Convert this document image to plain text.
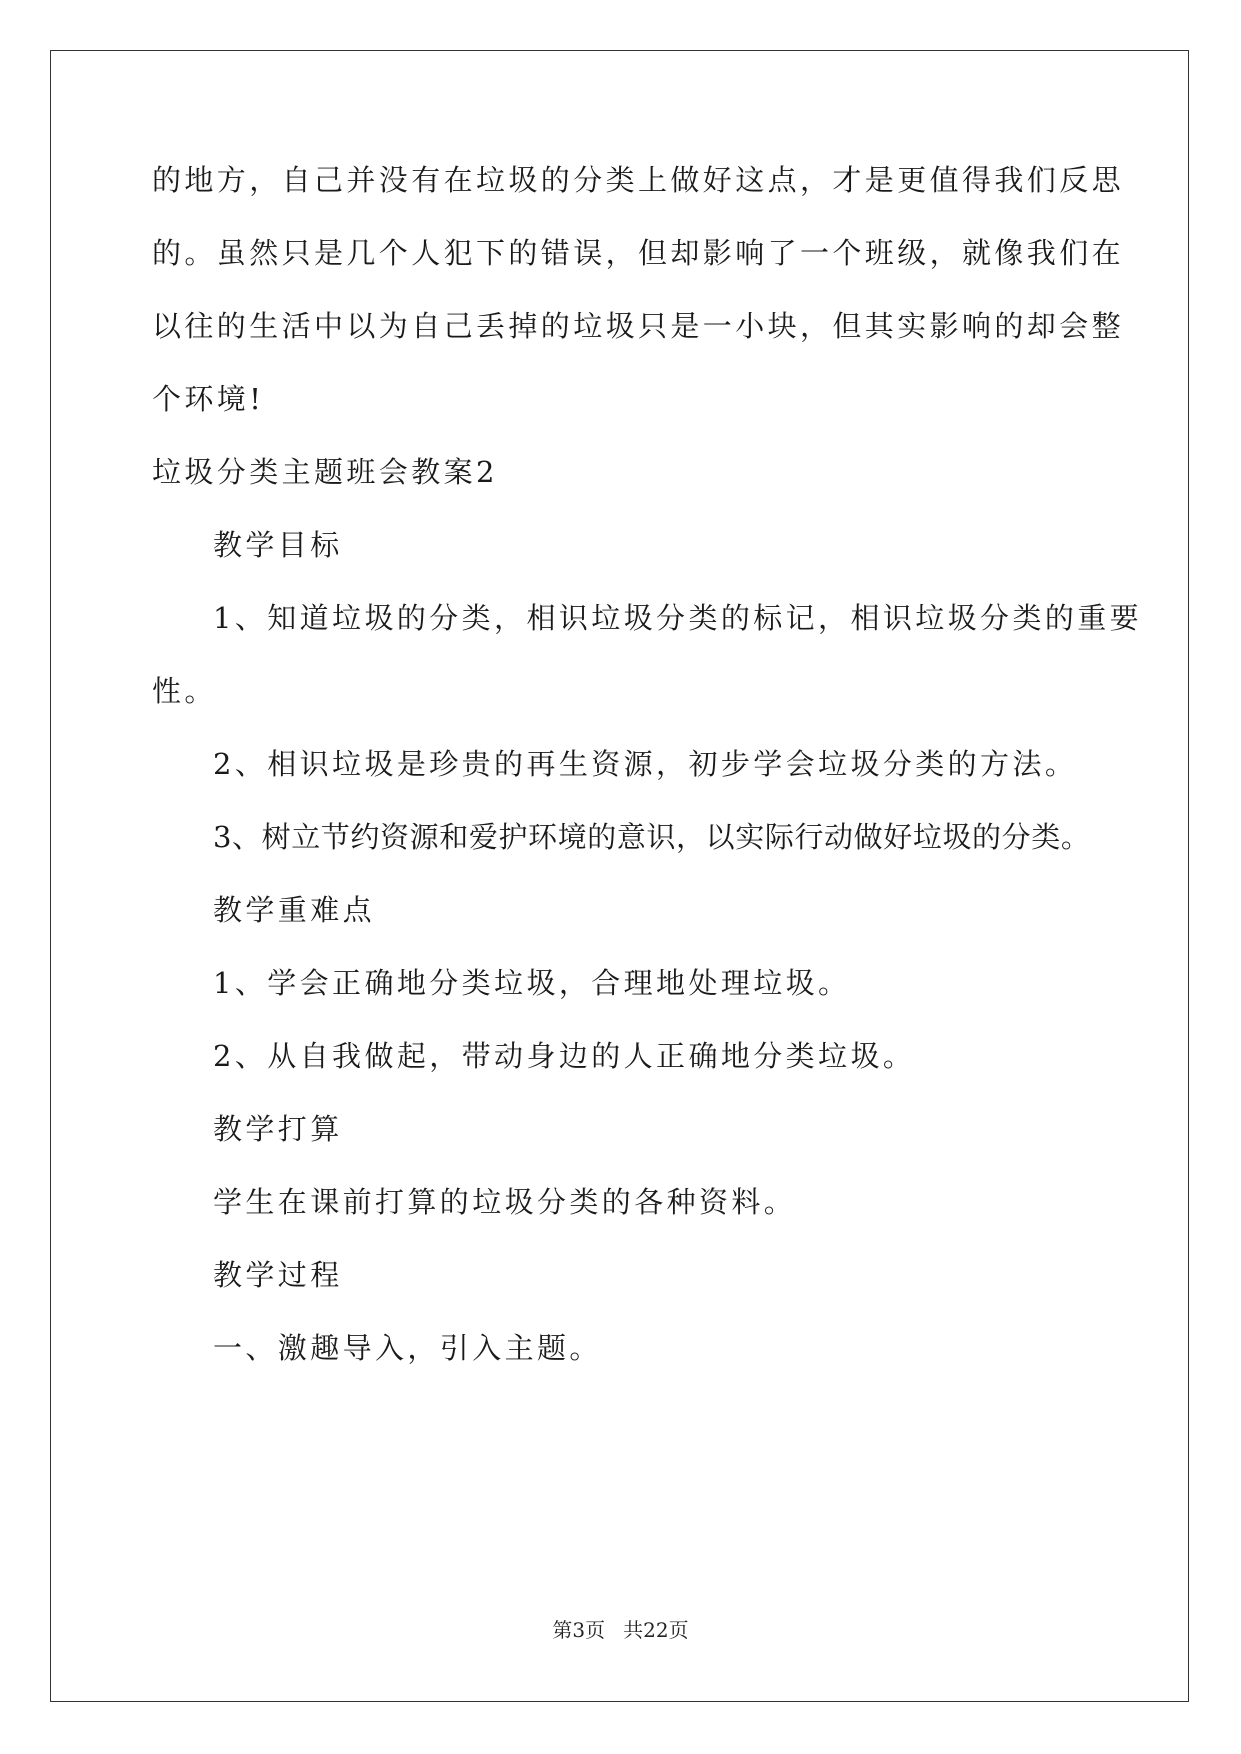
的地方，自己并没有在垃圾的分类上做好这点，才是更值得我们反思
的。虽然只是几个人犯下的错误，但却影响了一个班级，就像我们在
以往的生活中以为自己丢掉的垃圾只是一小块，但其实影响的却会整
个环境!
垃圾分类主题班会教案2
教学目标
1、知道垃圾的分类，相识垃圾分类的标记，相识垃圾分类的重要
性。
2、相识垃圾是珍贵的再生资源，初步学会垃圾分类的方法。
3、树立节约资源和爱护环境的意识，以实际行动做好垃圾的分类。
教学重难点
1、学会正确地分类垃圾，合理地处理垃圾。
2、从自我做起，带动身边的人正确地分类垃圾。
教学打算
学生在课前打算的垃圾分类的各种资料。
教学过程
一、激趣导入，引入主题。
第3页 共22页
